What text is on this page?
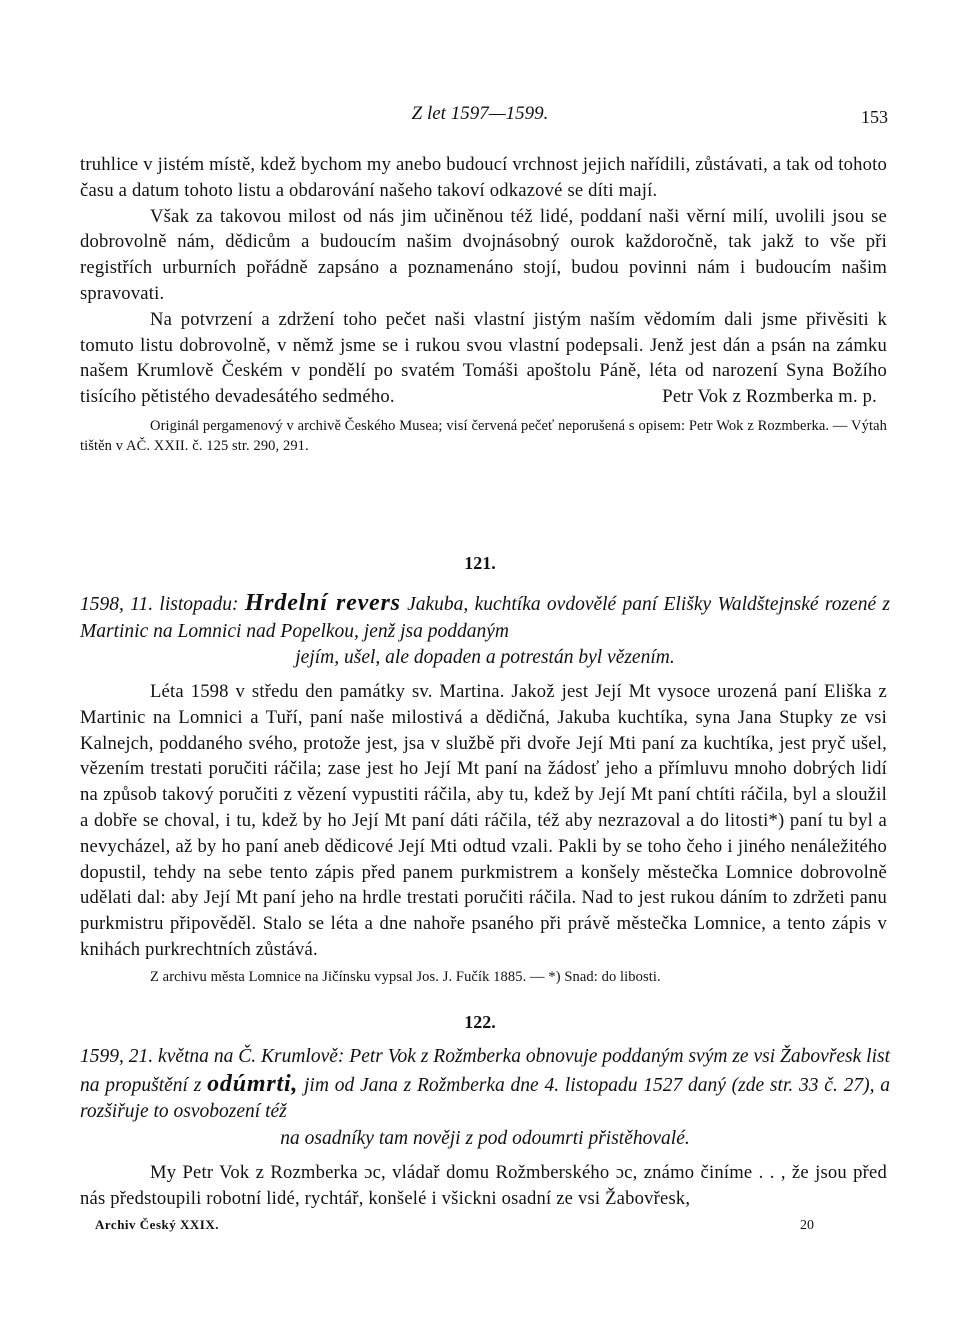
Z let 1597—1599.	153

truhlice v jistém místě, kdež bychom my anebo budoucí vrchnost jejich nařídili, zůstávati, a tak od tohoto času a datum tohoto listu a obdarování našeho takoví odkazové se díti mají.

Však za takovou milost od nás jim učiněnou též lidé, poddaní naši věrní milí, uvolili jsou se dobrovolně nám, dědicům a budoucím našim dvojnásobný ourok každoročně, tak jakž to vše při registřích urburních pořádně zapsáno a poznamenáno stojí, budou povinni nám i budoucím našim spravovati.

Na potvrzení a zdržení toho pečet naši vlastní jistým naším vědomím dali jsme přivěsiti k tomuto listu dobrovolně, v němž jsme se i rukou svou vlastní podepsali. Jenž jest dán a psán na zámku našem Krumlově Českém v pondělí po svatém Tomáši apoštolu Páně, léta od narození Syna Božího tisícího pětistého devadesátého sedmého.	Petr Vok z Rozmberka m. p.

Originál pergamenový v archivě Českého Musea; visí červená pečeť neporušená s opisem: Petr Wok z Rozmberka. — Výtah tištěn v AČ. XXII. č. 125 str. 290, 291.

121.
1598, 11. listopadu: Hrdelní revers Jakuba, kuchtíka ovdovělé paní Elišky Waldštejnské rozené z Martinic na Lomnici nad Popelkou, jenž jsa poddaným
jejím, ušel, ale dopaden a potrestán byl vězením.

Léta 1598 v středu den památky sv. Martina. Jakož jest Její Mt vysoce urozená paní Eliška z Martinic na Lomnici a Tuří, paní naše milostivá a dědičná, Jakuba kuchtíka, syna Jana Stupky ze vsi Kalnejch, poddaného svého, protože jest, jsa v službě při dvoře Její Mti paní za kuchtíka, jest pryč ušel, vězením trestati poručiti ráčila; zase jest ho Její Mt paní na žádosť jeho a přímluvu mnoho dobrých lidí na způsob takový poručiti z vězení vypustiti ráčila, aby tu, kdež by Její Mt paní chtíti ráčila, byl a sloužil a dobře se choval, i tu, kdež by ho Její Mt paní dáti ráčila, též aby nezrazoval a do litosti*) paní tu byl a nevycházel, až by ho paní aneb dědicové Její Mti odtud vzali. Pakli by se toho čeho i jiného nenáležitého dopustil, tehdy na sebe tento zápis před panem purkmistrem a konšely městečka Lomnice dobrovolně udělati dal: aby Její Mt paní jeho na hrdle trestati poručiti ráčila. Nad to jest rukou dáním to zdržeti panu purkmistru připověděl. Stalo se léta a dne nahoře psaného při právě městečka Lomnice, a tento zápis v knihách purkrechtních zůstává.

Z archivu města Lomnice na Jičínsku vypsal Jos. J. Fučík 1885. — *) Snad: do libosti.

122.
1599, 21. května na Č. Krumlově: Petr Vok z Rožmberka obnovuje poddaným svým ze vsi Žabovřesk list na propuštění z odúmrti, jim od Jana z Rožmberka dne 4. listopadu 1527 daný (zde str. 33 č. 27), a rozšiřuje to osvobození též
na osadníky tam nověji z pod odoumrti přistěhovalé.

My Petr Vok z Rozmberka ɔc, vládař domu Rožmberského ɔc, známo činíme . . , že jsou před nás předstoupili robotní lidé, rychtář, konšelé i všickni osadní ze vsi Žabovřesk,

Archiv Český XXIX.	20
